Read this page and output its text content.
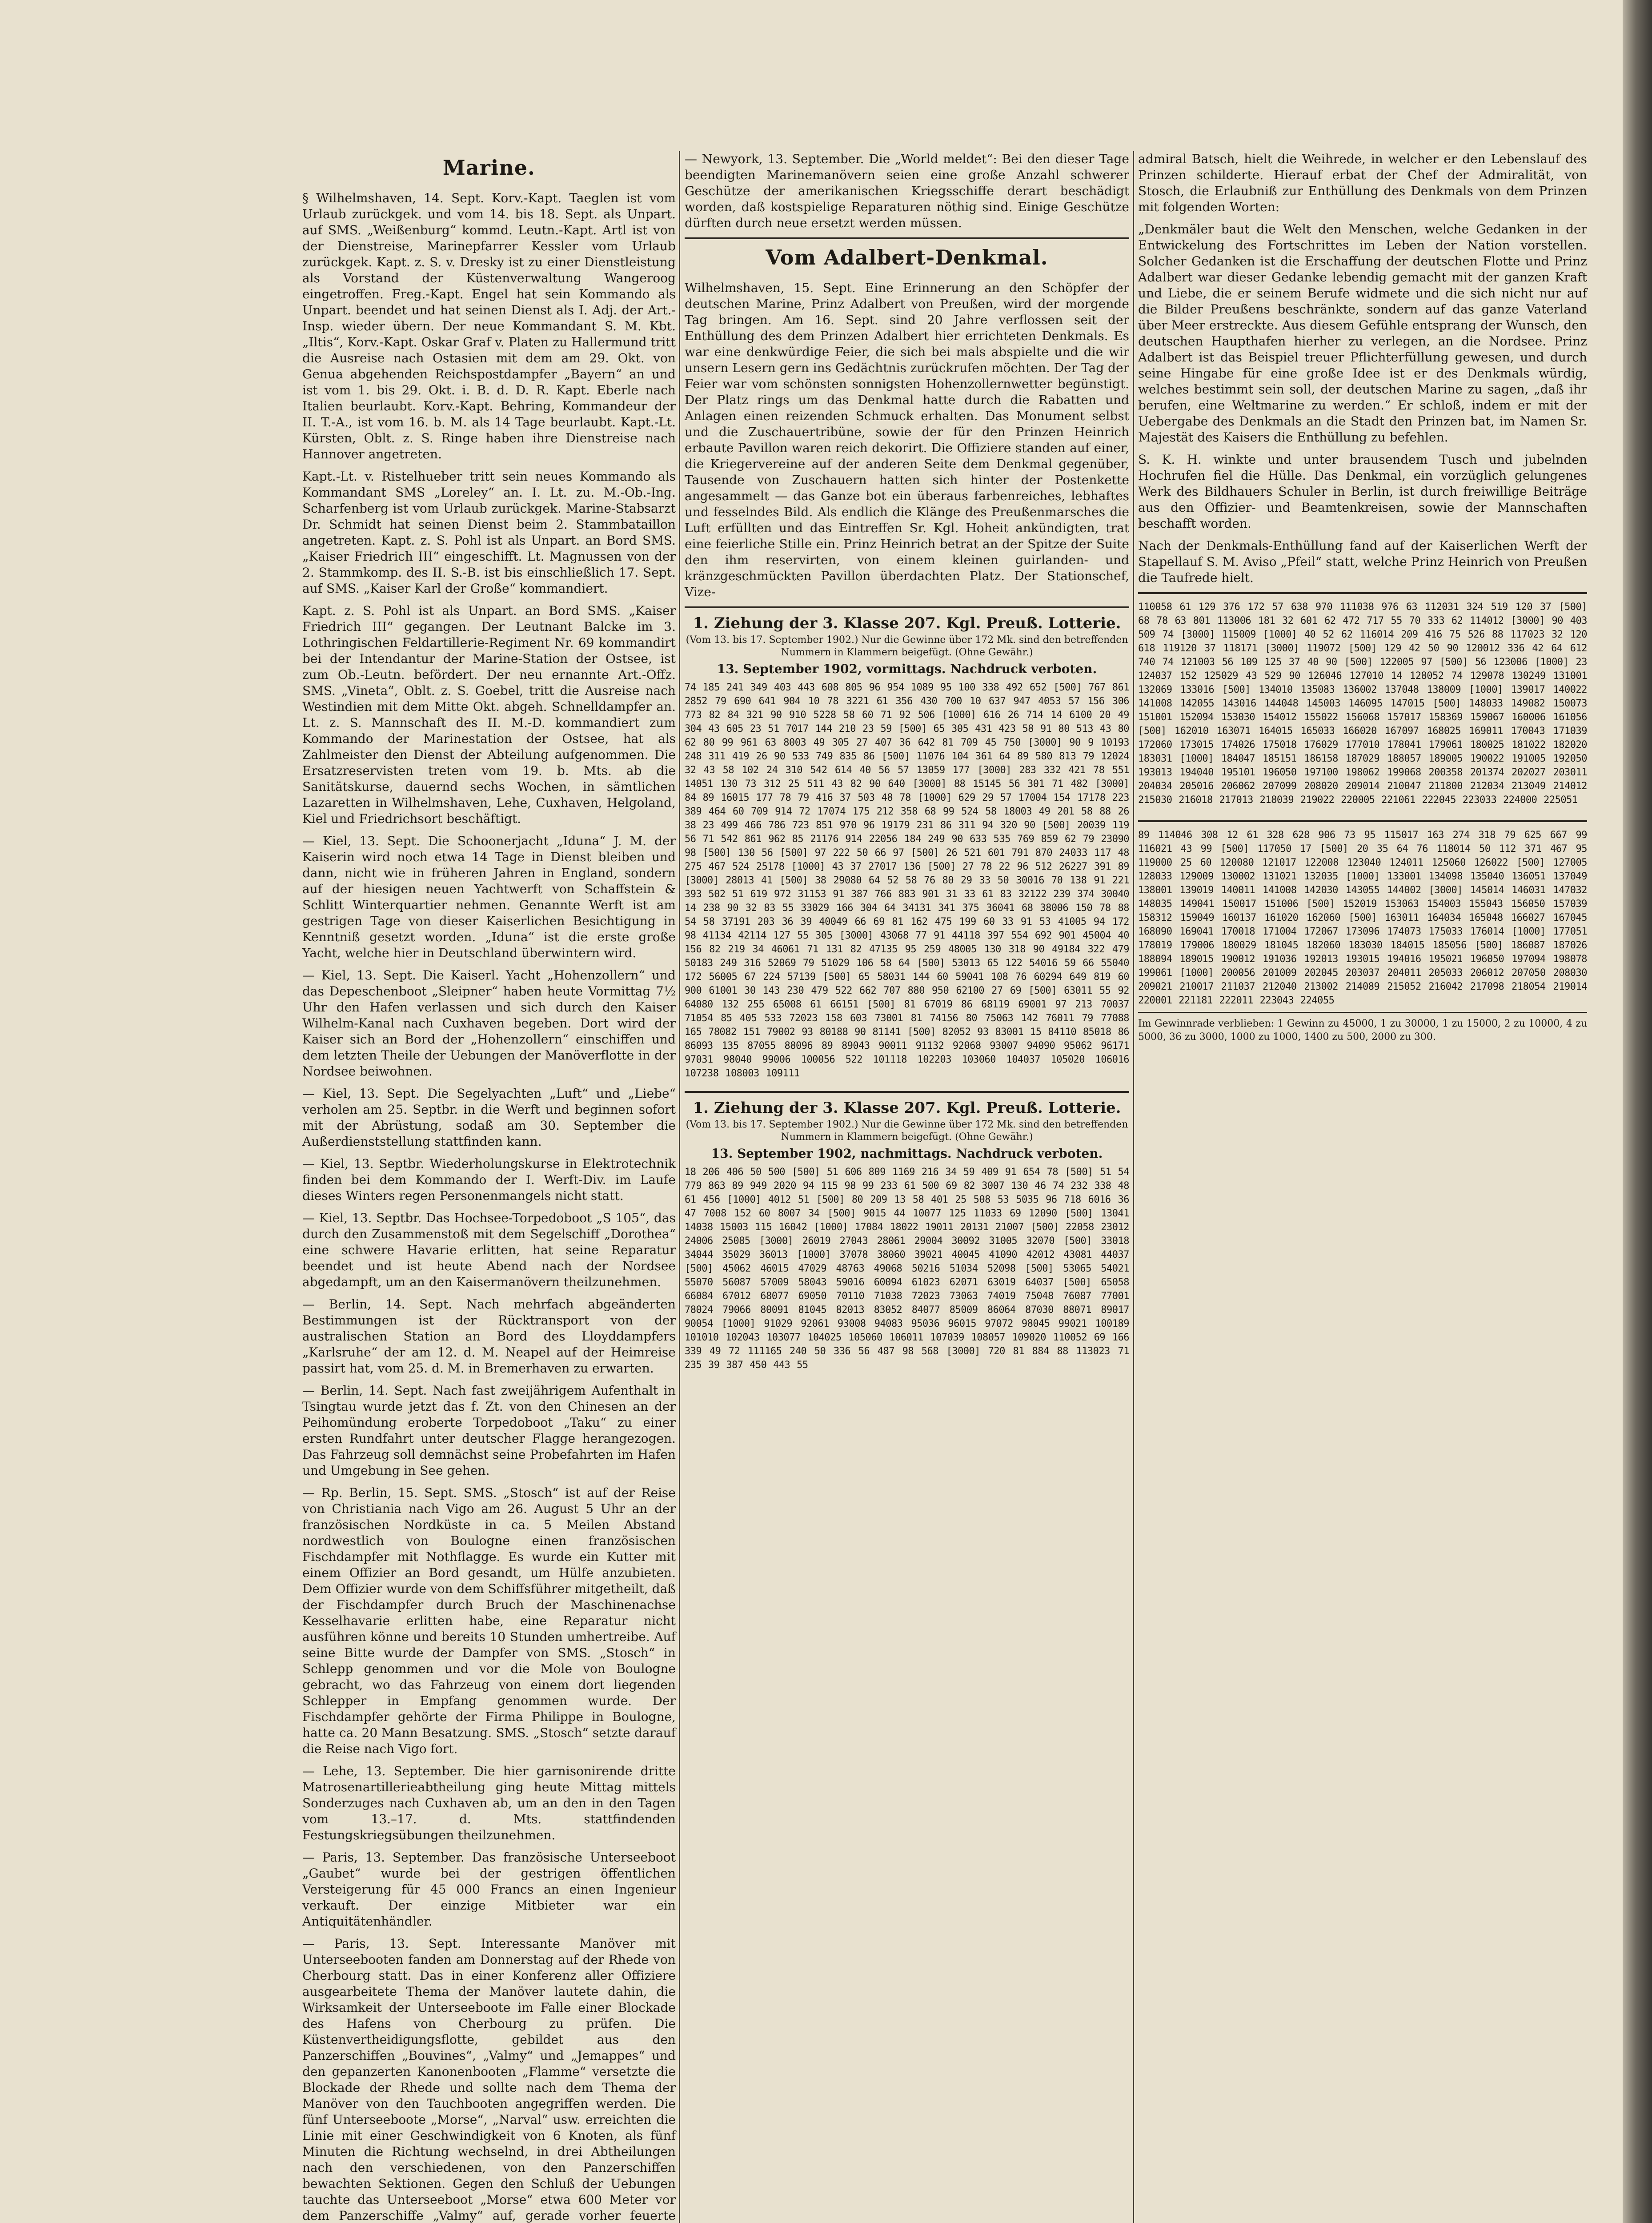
Marine.

§ Wilhelmshaven, 14. Sept. Korv.-Kapt. Taeglen ist vom Urlaub zurückgek. und vom 14. bis 18. Sept. als Unpart. auf SMS. „Weißenburg“ kommd. Leutn.-Kapt. Artl ist von der Dienstreise, Marinepfarrer Kessler vom Urlaub zurückgek. Kapt. z. S. v. Dresky ist zu einer Dienstleistung als Vorstand der Küstenverwaltung Wangeroog eingetroffen. Freg.-Kapt. Engel hat sein Kommando als Unpart. beendet und hat seinen Dienst als I. Adj. der Art.-Insp. wieder übern. Der neue Kommandant S. M. Kbt. „Iltis“, Korv.-Kapt. Oskar Graf v. Platen zu Hallermund tritt die Ausreise nach Ostasien mit dem am 29. Okt. von Genua abgehenden Reichspostdampfer „Bayern“ an und ist vom 1. bis 29. Okt. i. B. d. D. R. Kapt. Eberle nach Italien beurlaubt. Korv.-Kapt. Behring, Kommandeur der II. T.-A., ist vom 16. b. M. als 14 Tage beurlaubt. Kapt.-Lt. Kürsten, Oblt. z. S. Ringe haben ihre Dienstreise nach Hannover angetreten.

Kapt.-Lt. v. Ristelhueber tritt sein neues Kommando als Kommandant SMS „Loreley“ an. I. Lt. zu. M.-Ob.-Ing. Scharfenberg ist vom Urlaub zurückgek. Marine-Stabsarzt Dr. Schmidt hat seinen Dienst beim 2. Stammbataillon angetreten. Kapt. z. S. Pohl ist als Unpart. an Bord SMS. „Kaiser Friedrich III“ eingeschifft. Lt. Magnussen von der 2. Stammkomp. des II. S.-B. ist bis einschließlich 17. Sept. auf SMS. „Kaiser Karl der Große“ kommandiert.

Kapt. z. S. Pohl ist als Unpart. an Bord SMS. „Kaiser Friedrich III“ gegangen. Der Leutnant Balcke im 3. Lothringischen Feldartillerie-Regiment Nr. 69 kommandirt bei der Intendantur der Marine-Station der Ostsee, ist zum Ob.-Leutn. befördert. Der neu ernannte Art.-Offz. SMS. „Vineta“, Oblt. z. S. Goebel, tritt die Ausreise nach Westindien mit dem Mitte Okt. abgeh. Schnelldampfer an. Lt. z. S. Mannschaft des II. M.-D. kommandiert zum Kommando der Marinestation der Ostsee, hat als Zahlmeister den Dienst der Abteilung aufgenommen. Die Ersatzreservisten treten vom 19. b. Mts. ab die Sanitätskurse, dauernd sechs Wochen, in sämtlichen Lazaretten in Wilhelmshaven, Lehe, Cuxhaven, Helgoland, Kiel und Friedrichsort beschäftigt.

— Kiel, 13. Sept. Die Schoonerjacht „Iduna“ J. M. der Kaiserin wird noch etwa 14 Tage in Dienst bleiben und dann, nicht wie in früheren Jahren in England, sondern auf der hiesigen neuen Yachtwerft von Schaffstein & Schlitt Winterquartier nehmen. Genannte Werft ist am gestrigen Tage von dieser Kaiserlichen Besichtigung in Kenntniß gesetzt worden. „Iduna“ ist die erste große Yacht, welche hier in Deutschland überwintern wird.

— Kiel, 13. Sept. Die Kaiserl. Yacht „Hohenzollern“ und das Depeschenboot „Sleipner“ haben heute Vormittag 7½ Uhr den Hafen verlassen und sich durch den Kaiser Wilhelm-Kanal nach Cuxhaven begeben. Dort wird der Kaiser sich an Bord der „Hohenzollern“ einschiffen und dem letzten Theile der Uebungen der Manöverflotte in der Nordsee beiwohnen.

— Kiel, 13. Sept. Die Segelyachten „Luft“ und „Liebe“ verholen am 25. Septbr. in die Werft und beginnen sofort mit der Abrüstung, sodaß am 30. September die Außerdienststellung stattfinden kann.

— Kiel, 13. Septbr. Wiederholungskurse in Elektrotechnik finden bei dem Kommando der I. Werft-Div. im Laufe dieses Winters regen Personenmangels nicht statt.

— Kiel, 13. Septbr. Das Hochsee-Torpedoboot „S 105“, das durch den Zusammenstoß mit dem Segelschiff „Dorothea“ eine schwere Havarie erlitten, hat seine Reparatur beendet und ist heute Abend nach der Nordsee abgedampft, um an den Kaisermanövern theilzunehmen.

— Berlin, 14. Sept. Nach mehrfach abgeänderten Bestimmungen ist der Rücktransport von der australischen Station an Bord des Lloyddampfers „Karlsruhe“ der am 12. d. M. Neapel auf der Heimreise passirt hat, vom 25. d. M. in Bremerhaven zu erwarten.

— Berlin, 14. Sept. Nach fast zweijährigem Aufenthalt in Tsingtau wurde jetzt das f. Zt. von den Chinesen an der Peihomündung eroberte Torpedoboot „Taku“ zu einer ersten Rundfahrt unter deutscher Flagge herangezogen. Das Fahrzeug soll demnächst seine Probefahrten im Hafen und Umgebung in See gehen.

— Rp. Berlin, 15. Sept. SMS. „Stosch“ ist auf der Reise von Christiania nach Vigo am 26. August 5 Uhr an der französischen Nordküste in ca. 5 Meilen Abstand nordwestlich von Boulogne einen französischen Fischdampfer mit Nothflagge. Es wurde ein Kutter mit einem Offizier an Bord gesandt, um Hülfe anzubieten. Dem Offizier wurde von dem Schiffsführer mitgetheilt, daß der Fischdampfer durch Bruch der Maschinenachse Kesselhavarie erlitten habe, eine Reparatur nicht ausführen könne und bereits 10 Stunden umhertreibe. Auf seine Bitte wurde der Dampfer von SMS. „Stosch“ in Schlepp genommen und vor die Mole von Boulogne gebracht, wo das Fahrzeug von einem dort liegenden Schlepper in Empfang genommen wurde. Der Fischdampfer gehörte der Firma Philippe in Boulogne, hatte ca. 20 Mann Besatzung. SMS. „Stosch“ setzte darauf die Reise nach Vigo fort.

— Lehe, 13. September. Die hier garnisonirende dritte Matrosenartillerieabtheilung ging heute Mittag mittels Sonderzuges nach Cuxhaven ab, um an den in den Tagen vom 13.–17. d. Mts. stattfindenden Festungskriegsübungen theilzunehmen.

— Paris, 13. September. Das französische Unterseeboot „Gaubet“ wurde bei der gestrigen öffentlichen Versteigerung für 45 000 Francs an einen Ingenieur verkauft. Der einzige Mitbieter war ein Antiquitätenhändler.

— Paris, 13. Sept. Interessante Manöver mit Unterseebooten fanden am Donnerstag auf der Rhede von Cherbourg statt. Das in einer Konferenz aller Offiziere ausgearbeitete Thema der Manöver lautete dahin, die Wirksamkeit der Unterseeboote im Falle einer Blockade des Hafens von Cherbourg zu prüfen. Die Küstenvertheidigungsflotte, gebildet aus den Panzerschiffen „Bouvines“, „Valmy“ und „Jemappes“ und den gepanzerten Kanonenbooten „Flamme“ versetzte die Blockade der Rhede und sollte nach dem Thema der Manöver von den Tauchbooten angegriffen werden. Die fünf Unterseeboote „Morse“, „Narval“ usw. erreichten die Linie mit einer Geschwindigkeit von 6 Knoten, als fünf Minuten die Richtung wechselnd, in drei Abtheilungen nach den verschiedenen, von den Panzerschiffen bewachten Sektionen. Gegen den Schluß der Uebungen tauchte das Unterseeboot „Morse“ etwa 600 Meter vor dem Panzerschiffe „Valmy“ auf, gerade vorher feuerte

— Newyork, 13. September. Die „World meldet“: Bei den dieser Tage beendigten Marinemanövern seien eine große Anzahl schwerer Geschütze der amerikanischen Kriegsschiffe derart beschädigt worden, daß kostspielige Reparaturen nöthig sind. Einige Geschütze dürften durch neue ersetzt werden müssen.

Vom Adalbert-Denkmal.

Wilhelmshaven, 15. Sept. Eine Erinnerung an den Schöpfer der deutschen Marine, Prinz Adalbert von Preußen, wird der morgende Tag bringen. Am 16. Sept. sind 20 Jahre verflossen seit der Enthüllung des dem Prinzen Adalbert hier errichteten Denkmals. Es war eine denkwürdige Feier, die sich bei mals abspielte und die wir unsern Lesern gern ins Gedächtnis zurückrufen möchten. Der Tag der Feier war vom schönsten sonnigsten Hohenzollernwetter begünstigt. Der Platz rings um das Denkmal hatte durch die Rabatten und Anlagen einen reizenden Schmuck erhalten. Das Monument selbst und die Zuschauertribüne, sowie der für den Prinzen Heinrich erbaute Pavillon waren reich dekorirt. Die Offiziere standen auf einer, die Kriegervereine auf der anderen Seite dem Denkmal gegenüber, Tausende von Zuschauern hatten sich hinter der Postenkette angesammelt — das Ganze bot ein überaus farbenreiches, lebhaftes und fesselndes Bild. Als endlich die Klänge des Preußenmarsches die Luft erfüllten und das Eintreffen Sr. Kgl. Hoheit ankündigten, trat eine feierliche Stille ein. Prinz Heinrich betrat an der Spitze der Suite den ihm reservirten, von einem kleinen guirlanden- und kränzgeschmückten Pavillon überdachten Platz. Der Stationschef, Vize-

1. Ziehung der 3. Klasse 207. Kgl. Preuß. Lotterie.
(Vom 13. bis 17. September 1902.) Nur die Gewinne über 172 Mk. sind den betreffenden Nummern in Klammern beigefügt. (Ohne Gewähr.)
13. September 1902, vormittags. Nachdruck verboten.
74 185 241 349 403 443 608 805 96 954 1089 95 100 338 492 652 [500] 767 861 2852 79 690 641 904 10 78 3221 61 356 430 700 10 637 947 4053 57 156 306 773 82 84 321 90 910 5228 58 60 71 92 506 [1000] 616 26 714 14 6100 20 49 304 43 605 23 51 7017 144 210 23 59 [500] 65 305 431 423 58 91 80 513 43 80 62 80 99 961 63 8003 49 305 27 407 36 642 81 709 45 750 [3000] 90 9 10193 248 311 419 26 90 533 749 835 86 [500] 11076 104 361 64 89 580 813 79 12024 32 43 58 102 24 310 542 614 40 56 57 13059 177 [3000] 283 332 421 78 551 14051 130 73 312 25 511 43 82 90 640 [3000] 88 15145 56 301 71 482 [3000] 84 89 16015 177 78 79 416 37 503 48 78 [1000] 629 29 57 17004 154 17178 223 389 464 60 709 914 72 17074 175 212 358 68 99 524 58 18003 49 201 58 88 26 38 23 499 466 786 723 851 970 96 19179 231 86 311 94 320 90 [500] 20039 119 56 71 542 861 962 85 21176 914 22056 184 249 90 633 535 769 859 62 79 23090 98 [500] 130 56 [500] 97 222 50 66 97 [500] 26 521 601 791 870 24033 117 48 275 467 524 25178 [1000] 43 37 27017 136 [500] 27 78 22 96 512 26227 391 89 [3000] 28013 41 [500] 38 29080 64 52 58 76 80 29 33 50 30016 70 138 91 221 393 502 51 619 972 31153 91 387 766 883 901 31 33 61 83 32122 239 374 30040 14 238 90 32 83 55 33029 166 304 64 34131 341 375 36041 68 38006 150 78 88 54 58 37191 203 36 39 40049 66 69 81 162 475 199 60 33 91 53 41005 94 172 98 41134 42114 127 55 305 [3000] 43068 77 91 44118 397 554 692 901 45004 40 156 82 219 34 46061 71 131 82 47135 95 259 48005 130 318 90 49184 322 479 50183 249 316 52069 79 51029 106 58 64 [500] 53013 65 122 54016 59 66 55040 172 56005 67 224 57139 [500] 65 58031 144 60 59041 108 76 60294 649 819 60 900 61001 30 143 230 479 522 662 707 880 950 62100 27 69 [500] 63011 55 92 64080 132 255 65008 61 66151 [500] 81 67019 86 68119 69001 97 213 70037 71054 85 405 533 72023 158 603 73001 81 74156 80 75063 142 76011 79 77088 165 78082 151 79002 93 80188 90 81141 [500] 82052 93 83001 15 84110 85018 86 86093 135 87055 88096 89 89043 90011 91132 92068 93007 94090 95062 96171 97031 98040 99006 100056 522 101118 102203 103060 104037 105020 106016 107238 108003 109111
1. Ziehung der 3. Klasse 207. Kgl. Preuß. Lotterie.
(Vom 13. bis 17. September 1902.) Nur die Gewinne über 172 Mk. sind den betreffenden Nummern in Klammern beigefügt. (Ohne Gewähr.)
13. September 1902, nachmittags. Nachdruck verboten.
18 206 406 50 500 [500] 51 606 809 1169 216 34 59 409 91 654 78 [500] 51 54 779 863 89 949 2020 94 115 98 99 233 61 500 69 82 3007 130 46 74 232 338 48 61 456 [1000] 4012 51 [500] 80 209 13 58 401 25 508 53 5035 96 718 6016 36 47 7008 152 60 8007 34 [500] 9015 44 10077 125 11033 69 12090 [500] 13041 14038 15003 115 16042 [1000] 17084 18022 19011 20131 21007 [500] 22058 23012 24006 25085 [3000] 26019 27043 28061 29004 30092 31005 32070 [500] 33018 34044 35029 36013 [1000] 37078 38060 39021 40045 41090 42012 43081 44037 [500] 45062 46015 47029 48763 49068 50216 51034 52098 [500] 53065 54021 55070 56087 57009 58043 59016 60094 61023 62071 63019 64037 [500] 65058 66084 67012 68077 69050 70110 71038 72023 73063 74019 75048 76087 77001 78024 79066 80091 81045 82013 83052 84077 85009 86064 87030 88071 89017 90054 [1000] 91029 92061 93008 94083 95036 96015 97072 98045 99021 100189 101010 102043 103077 104025 105060 106011 107039 108057 109020 110052 69 166 339 49 72 111165 240 50 336 56 487 98 568 [3000] 720 81 884 88 113023 71 235 39 387 450 443 55

admiral Batsch, hielt die Weihrede, in welcher er den Lebenslauf des Prinzen schilderte. Hierauf erbat der Chef der Admiralität, von Stosch, die Erlaubniß zur Enthüllung des Denkmals von dem Prinzen mit folgenden Worten:

„Denkmäler baut die Welt den Menschen, welche Gedanken in der Entwickelung des Fortschrittes im Leben der Nation vorstellen. Solcher Gedanken ist die Erschaffung der deutschen Flotte und Prinz Adalbert war dieser Gedanke lebendig gemacht mit der ganzen Kraft und Liebe, die er seinem Berufe widmete und die sich nicht nur auf die Bilder Preußens beschränkte, sondern auf das ganze Vaterland über Meer erstreckte. Aus diesem Gefühle entsprang der Wunsch, den deutschen Haupthafen hierher zu verlegen, an die Nordsee. Prinz Adalbert ist das Beispiel treuer Pflichterfüllung gewesen, und durch seine Hingabe für eine große Idee ist er des Denkmals würdig, welches bestimmt sein soll, der deutschen Marine zu sagen, „daß ihr berufen, eine Weltmarine zu werden.“ Er schloß, indem er mit der Uebergabe des Denkmals an die Stadt den Prinzen bat, im Namen Sr. Majestät des Kaisers die Enthüllung zu befehlen.

S. K. H. winkte und unter brausendem Tusch und jubelnden Hochrufen fiel die Hülle. Das Denkmal, ein vorzüglich gelungenes Werk des Bildhauers Schuler in Berlin, ist durch freiwillige Beiträge aus den Offizier- und Beamtenkreisen, sowie der Mannschaften beschafft worden.

Nach der Denkmals-Enthüllung fand auf der Kaiserlichen Werft der Stapellauf S. M. Aviso „Pfeil“ statt, welche Prinz Heinrich von Preußen die Taufrede hielt.

110058 61 129 376 172 57 638 970 111038 976 63 112031 324 519 120 37 [500] 68 78 63 801 113006 181 32 601 62 472 717 55 70 333 62 114012 [3000] 90 403 509 74 [3000] 115009 [1000] 40 52 62 116014 209 416 75 526 88 117023 32 120 618 119120 37 118171 [3000] 119072 [500] 129 42 50 90 120012 336 42 64 612 740 74 121003 56 109 125 37 40 90 [500] 122005 97 [500] 56 123006 [1000] 23 124037 152 125029 43 529 90 126046 127010 14 128052 74 129078 130249 131001 132069 133016 [500] 134010 135083 136002 137048 138009 [1000] 139017 140022 141008 142055 143016 144048 145003 146095 147015 [500] 148033 149082 150073 151001 152094 153030 154012 155022 156068 157017 158369 159067 160006 161056 [500] 162010 163071 164015 165033 166020 167097 168025 169011 170043 171039 172060 173015 174026 175018 176029 177010 178041 179061 180025 181022 182020 183031 [1000] 184047 185151 186158 187029 188057 189005 190022 191005 192050 193013 194040 195101 196050 197100 198062 199068 200358 201374 202027 203011 204034 205016 206062 207099 208020 209014 210047 211800 212034 213049 214012 215030 216018 217013 218039 219022 220005 221061 222045 223033 224000 225051
89 114046 308 12 61 328 628 906 73 95 115017 163 274 318 79 625 667 99 116021 43 99 [500] 117050 17 [500] 20 35 64 76 118014 50 112 371 467 95 119000 25 60 120080 121017 122008 123040 124011 125060 126022 [500] 127005 128033 129009 130002 131021 132035 [1000] 133001 134098 135040 136051 137049 138001 139019 140011 141008 142030 143055 144002 [3000] 145014 146031 147032 148035 149041 150017 151006 [500] 152019 153063 154003 155043 156050 157039 158312 159049 160137 161020 162060 [500] 163011 164034 165048 166027 167045 168090 169041 170018 171004 172067 173096 174073 175033 176014 [1000] 177051 178019 179006 180029 181045 182060 183030 184015 185056 [500] 186087 187026 188094 189015 190012 191036 192013 193015 194016 195021 196050 197094 198078 199061 [1000] 200056 201009 202045 203037 204011 205033 206012 207050 208030 209021 210017 211037 212040 213002 214089 215052 216042 217098 218054 219014 220001 221181 222011 223043 224055
Im Gewinnrade verblieben: 1 Gewinn zu 45000, 1 zu 30000, 1 zu 15000, 2 zu 10000, 4 zu 5000, 36 zu 3000, 1000 zu 1000, 1400 zu 500, 2000 zu 300.
